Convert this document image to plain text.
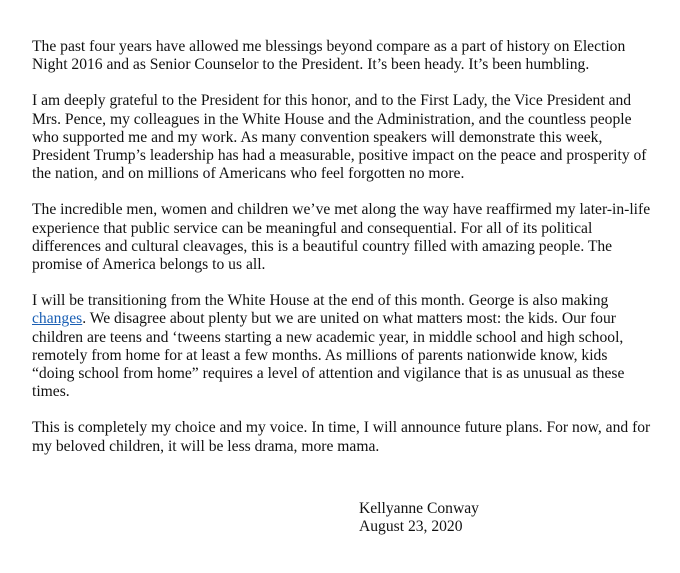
The past four years have allowed me blessings beyond compare as a part of history on Election Night 2016 and as Senior Counselor to the President. It’s been heady. It’s been humbling.

I am deeply grateful to the President for this honor, and to the First Lady, the Vice President and Mrs. Pence, my colleagues in the White House and the Administration, and the countless people who supported me and my work. As many convention speakers will demonstrate this week, President Trump’s leadership has had a measurable, positive impact on the peace and prosperity of the nation, and on millions of Americans who feel forgotten no more.

The incredible men, women and children we’ve met along the way have reaffirmed my later-in-life experience that public service can be meaningful and consequential. For all of its political differences and cultural cleavages, this is a beautiful country filled with amazing people. The promise of America belongs to us all.

I will be transitioning from the White House at the end of this month. George is also making changes. We disagree about plenty but we are united on what matters most: the kids. Our four children are teens and ‘tweens starting a new academic year, in middle school and high school, remotely from home for at least a few months. As millions of parents nationwide know, kids “doing school from home” requires a level of attention and vigilance that is as unusual as these times.

This is completely my choice and my voice. In time, I will announce future plans. For now, and for my beloved children, it will be less drama, more mama.

Kellyanne Conway
August 23, 2020
